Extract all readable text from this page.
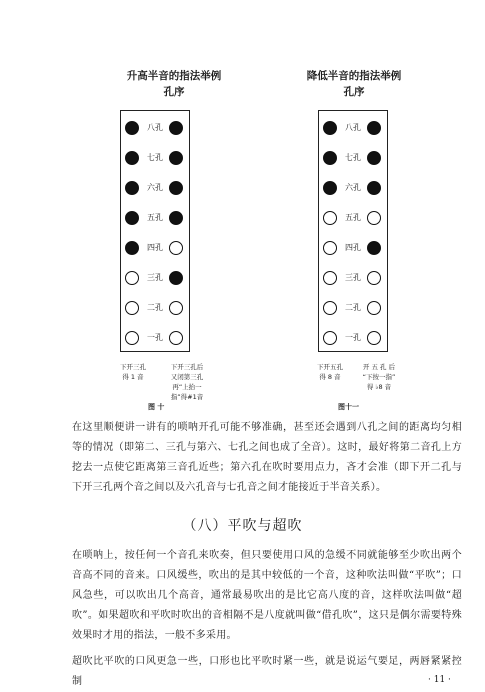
升高半音的指法举例
孔序
八孔
七孔
六孔
五孔
四孔
三孔
二孔
一孔
下开三孔
得 1 音
下开三孔后
又闭第三孔
再“上抬一
指”得#1音
图 十
降低半音的指法举例
孔序
八孔
七孔
六孔
五孔
四孔
三孔
二孔
一孔
下开五孔
得 8 音
开 五 孔 后
“下按一指”
得 ♭8 音
图十一
在这里顺便讲一讲有的唢呐开孔可能不够准确，甚至还会遇到八孔之间的距离均匀相等的情况（即第二、三孔与第六、七孔之间也成了全音）。这时，最好将第二音孔上方挖去一点使它距离第三音孔近些；第六孔在吹时要用点力，吝才会准（即下开二孔与下开三孔两个音之间以及六孔音与七孔音之间才能接近于半音关系）。
（八）平吹与超吹
在唢呐上，按任何一个音孔来吹奏，但只要使用口风的急缓不同就能够至少吹出两个音高不同的音来。口风缓些，吹出的是其中较低的一个音，这种吹法叫做“平吹”；口风急些，可以吹出几个高音，通常最易吹出的是比它高八度的音，这样吹法叫做“超吹”。如果超吹和平吹时吹出的音相隔不是八度就叫做“借孔吹”，这只是偶尔需要特殊效果时才用的指法，一般不多采用。
超吹比平吹的口风更急一些，口形也比平吹时紧一些，就是说运气要足，两唇紧紧控制	· 11 ·
